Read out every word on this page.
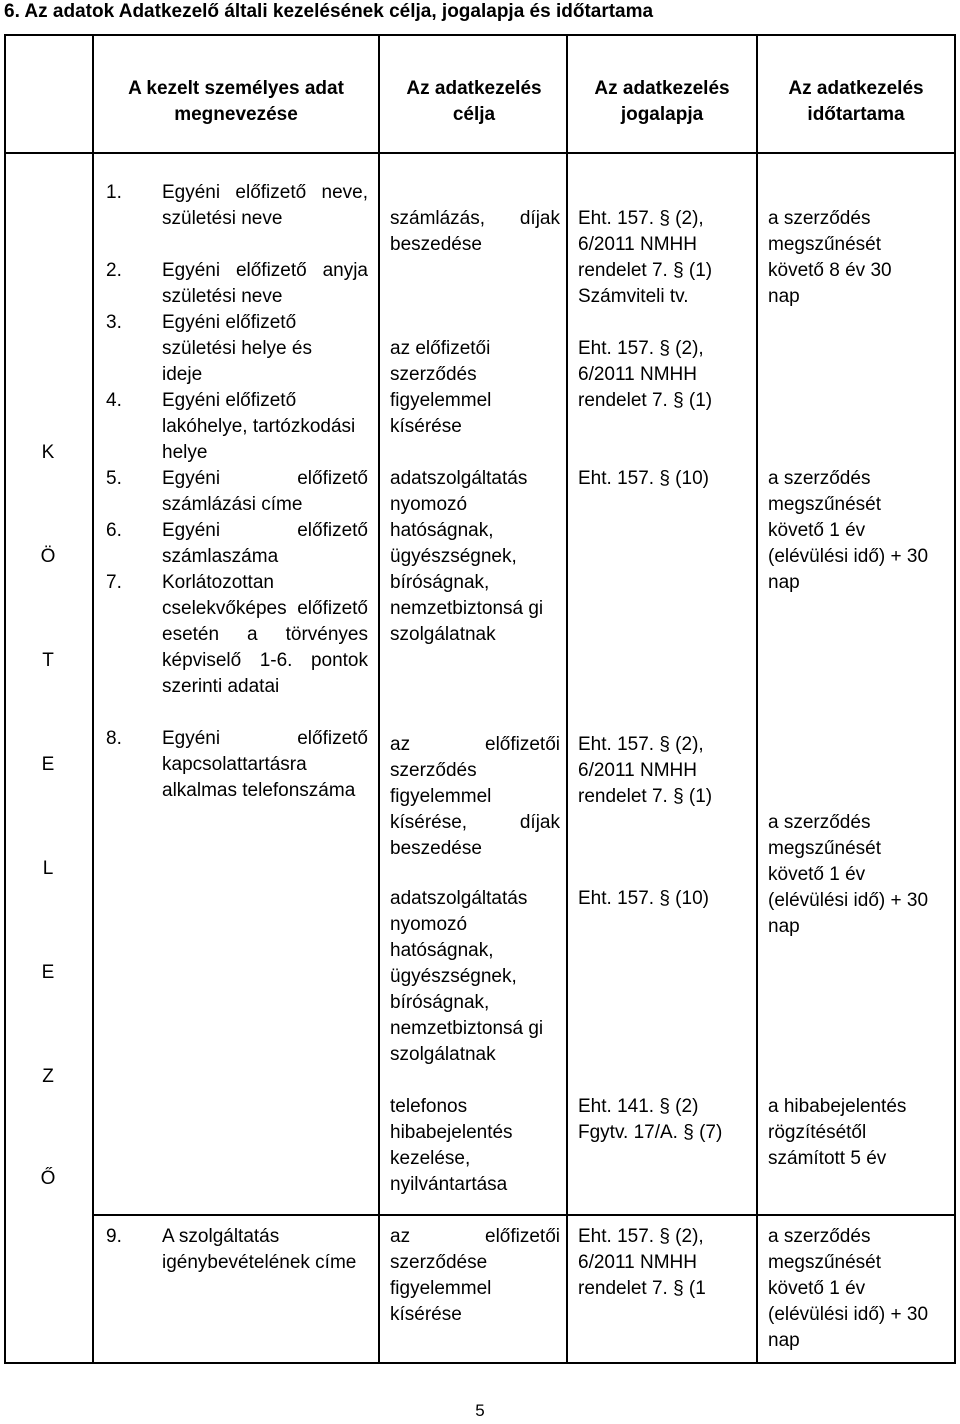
6. Az adatok Adatkezelő általi kezelésének célja, jogalapja és időtartama
A kezelt személyes adat megnevezése
Az adatkezelés célja
Az adatkezelés jogalapja
Az adatkezelés időtartama
K
Ö
T
E
L
E
Z
Ő
1. Egyéni előfizető neve, születési neve
2. Egyéni előfizető anyja születési neve
3. Egyéni előfizető születési helye és ideje
4. Egyéni előfizető lakóhelye, tartózkodási helye
5. Egyéni előfizető számlázási címe
6. Egyéni előfizető számlaszáma
7. Korlátozottan cselekvőképes előfizető esetén a törvényes képviselő 1-6. pontok szerinti adatai
8. Egyéni előfizető kapcsolattartásra alkalmas telefonszáma
9. A szolgáltatás igénybevételének címe
számlázás, díjak beszedése
az előfizetői szerződés figyelemmel kísérése
adatszolgáltatás nyomozó hatóságnak, ügyészségnek, bíróságnak, nemzetbiztonsá gi szolgálatnak
az előfizetői szerződés figyelemmel kísérése, díjak beszedése
adatszolgáltatás nyomozó hatóságnak, ügyészségnek, bíróságnak, nemzetbiztonsá gi szolgálatnak
telefonos hibabejelentés kezelése, nyilvántartása
az előfizetői szerződése figyelemmel kísérése
Eht. 157. § (2), 6/2011 NMHH rendelet 7. § (1) Számviteli tv.
Eht. 157. § (2), 6/2011 NMHH rendelet 7. § (1)
Eht. 157. § (10)
Eht. 157. § (2), 6/2011 NMHH rendelet 7. § (1)
Eht. 157. § (10)
Eht. 141. § (2) Fgytv. 17/A. § (7)
Eht. 157. § (2), 6/2011 NMHH rendelet 7. § (1
a szerződés megszűnését követő 8 év 30 nap
a szerződés megszűnését követő 1 év (elévülési idő) + 30 nap
a szerződés megszűnését követő 1 év (elévülési idő) + 30 nap
a hibabejelentés rögzítésétől számított 5 év
a szerződés megszűnését követő 1 év (elévülési idő) + 30 nap
5
